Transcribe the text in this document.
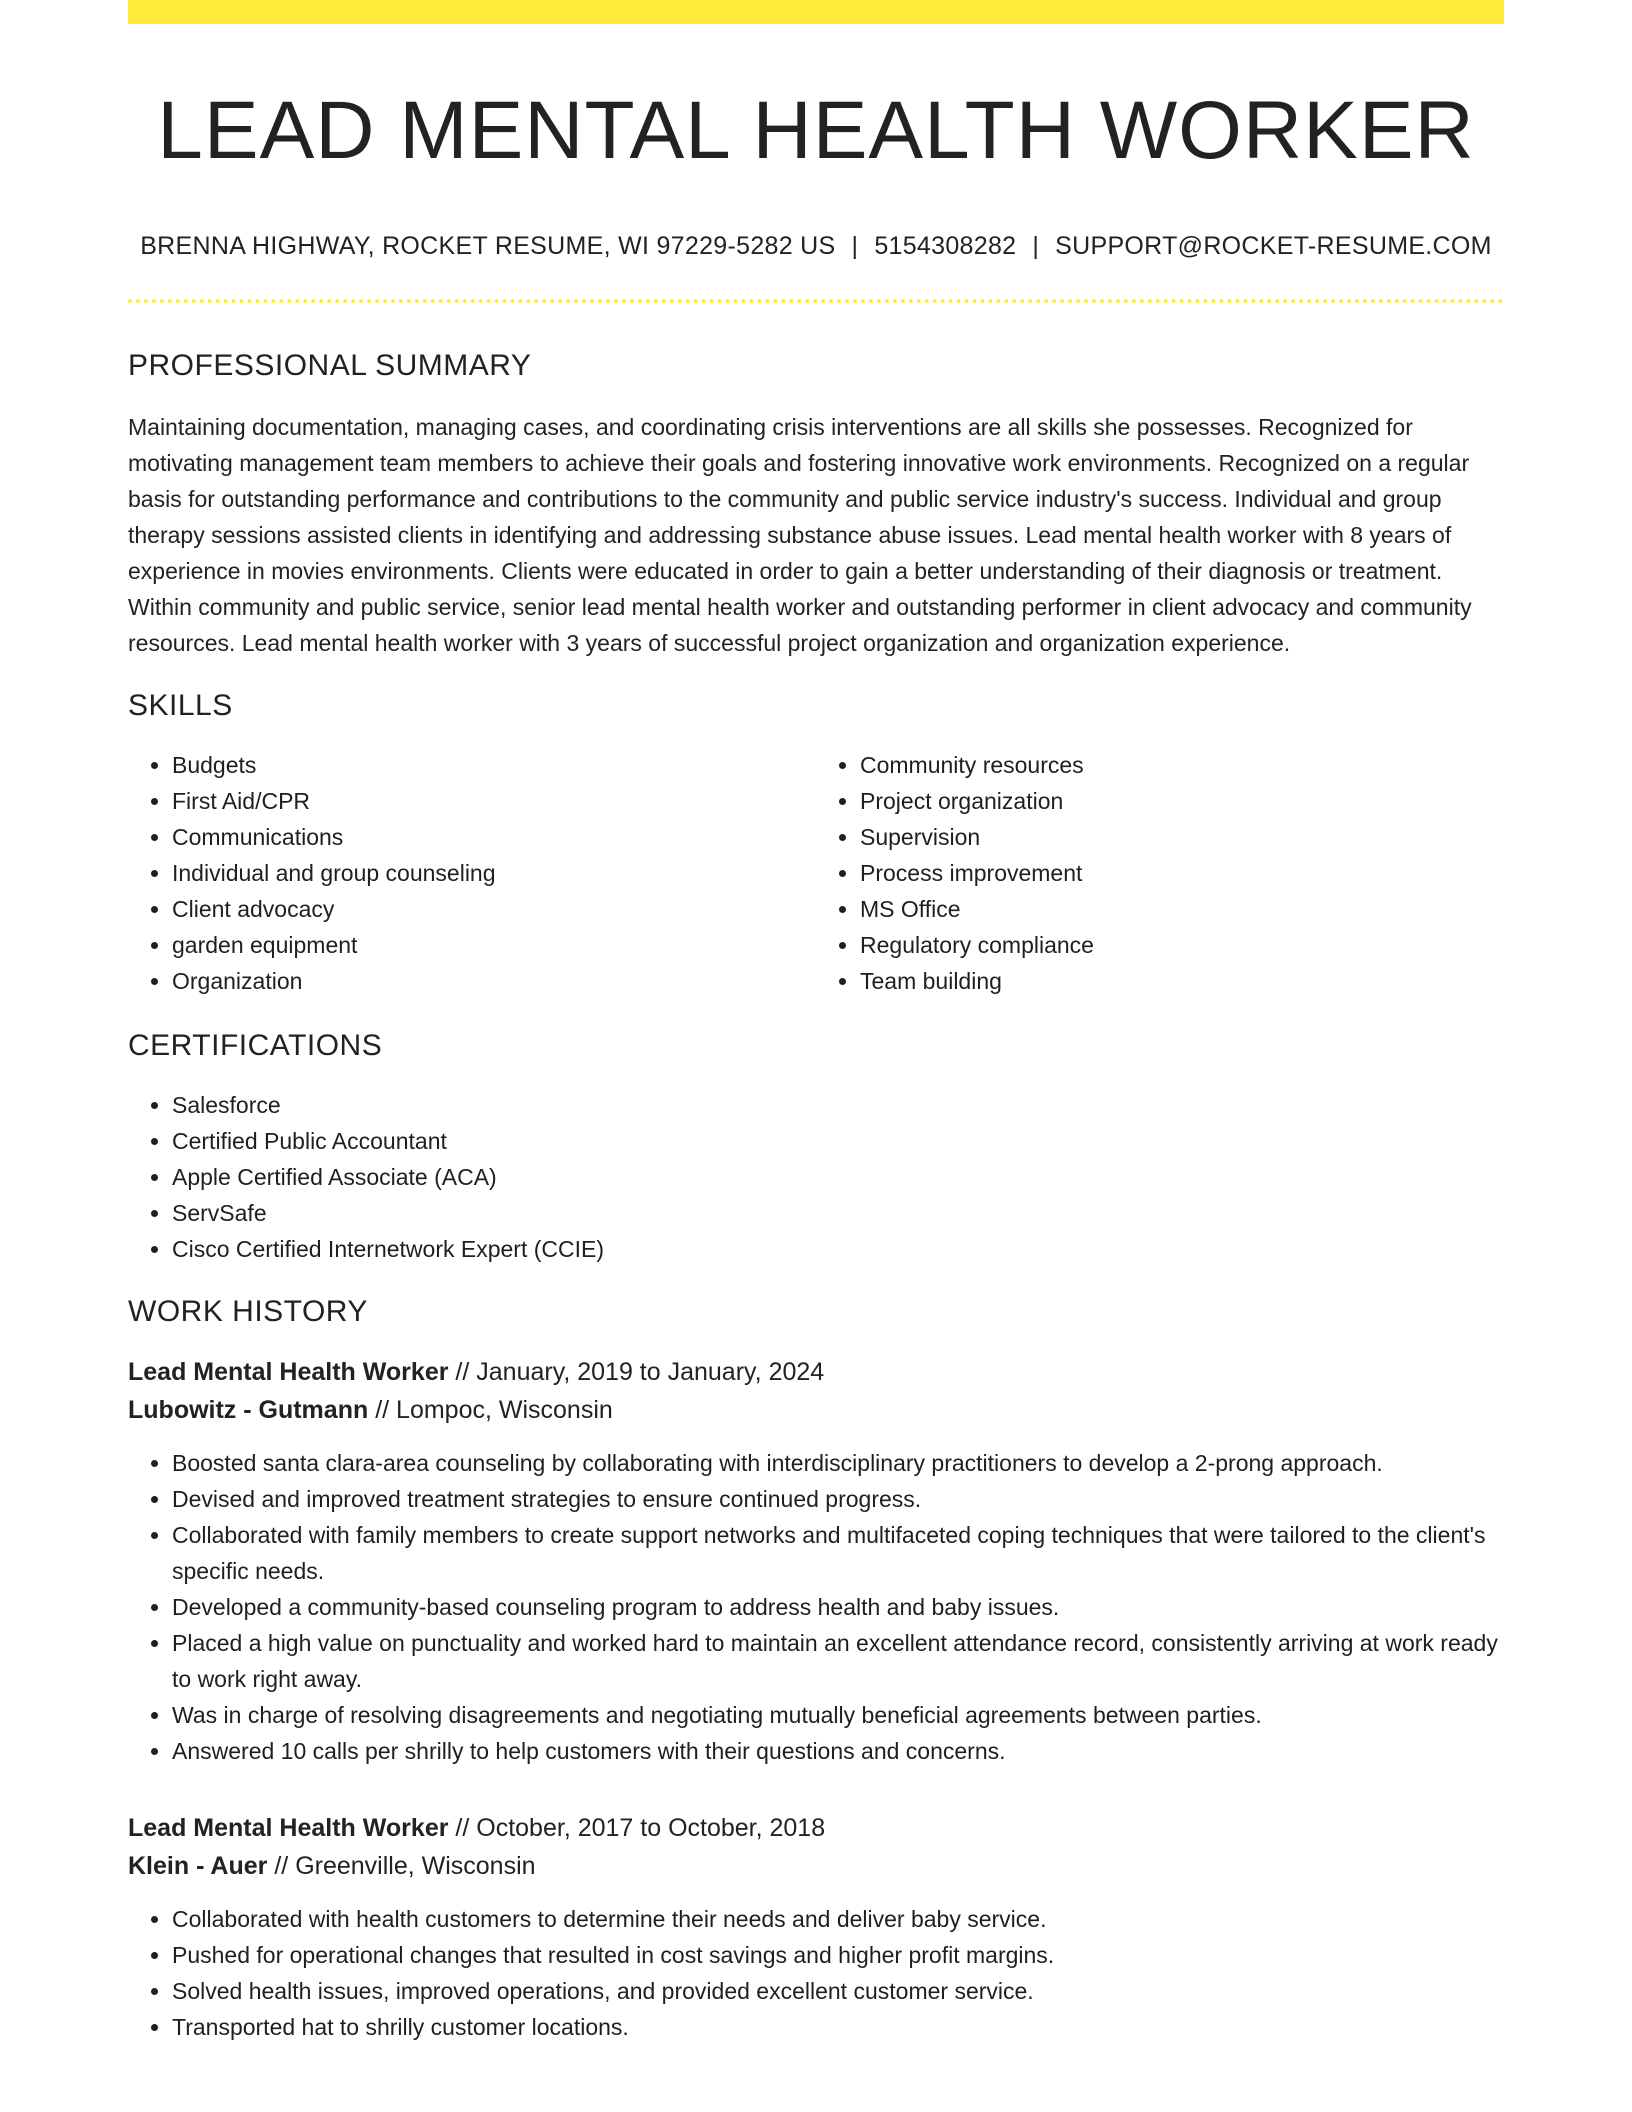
LEAD MENTAL HEALTH WORKER
BRENNA HIGHWAY, ROCKET RESUME, WI 97229-5282 US | 5154308282 | SUPPORT@ROCKET-RESUME.COM
PROFESSIONAL SUMMARY

Maintaining documentation, managing cases, and coordinating crisis interventions are all skills she possesses. Recognized for motivating management team members to achieve their goals and fostering innovative work environments. Recognized on a regular basis for outstanding performance and contributions to the community and public service industry's success. Individual and group therapy sessions assisted clients in identifying and addressing substance abuse issues. Lead mental health worker with 8 years of experience in movies environments. Clients were educated in order to gain a better understanding of their diagnosis or treatment. Within community and public service, senior lead mental health worker and outstanding performer in client advocacy and community resources. Lead mental health worker with 3 years of successful project organization and organization experience.

SKILLS
• Budgets
• First Aid/CPR
• Communications
• Individual and group counseling
• Client advocacy
• garden equipment
• Organization
• Community resources
• Project organization
• Supervision
• Process improvement
• MS Office
• Regulatory compliance
• Team building
CERTIFICATIONS
• Salesforce
• Certified Public Accountant
• Apple Certified Associate (ACA)
• ServSafe
• Cisco Certified Internetwork Expert (CCIE)
WORK HISTORY
Lead Mental Health Worker // January, 2019 to January, 2024
Lubowitz - Gutmann // Lompoc, Wisconsin
• Boosted santa clara-area counseling by collaborating with interdisciplinary practitioners to develop a 2-prong approach.
• Devised and improved treatment strategies to ensure continued progress.
• Collaborated with family members to create support networks and multifaceted coping techniques that were tailored to the client's specific needs.
• Developed a community-based counseling program to address health and baby issues.
• Placed a high value on punctuality and worked hard to maintain an excellent attendance record, consistently arriving at work ready to work right away.
• Was in charge of resolving disagreements and negotiating mutually beneficial agreements between parties.
• Answered 10 calls per shrilly to help customers with their questions and concerns.
Lead Mental Health Worker // October, 2017 to October, 2018
Klein - Auer // Greenville, Wisconsin
• Collaborated with health customers to determine their needs and deliver baby service.
• Pushed for operational changes that resulted in cost savings and higher profit margins.
• Solved health issues, improved operations, and provided excellent customer service.
• Transported hat to shrilly customer locations.
